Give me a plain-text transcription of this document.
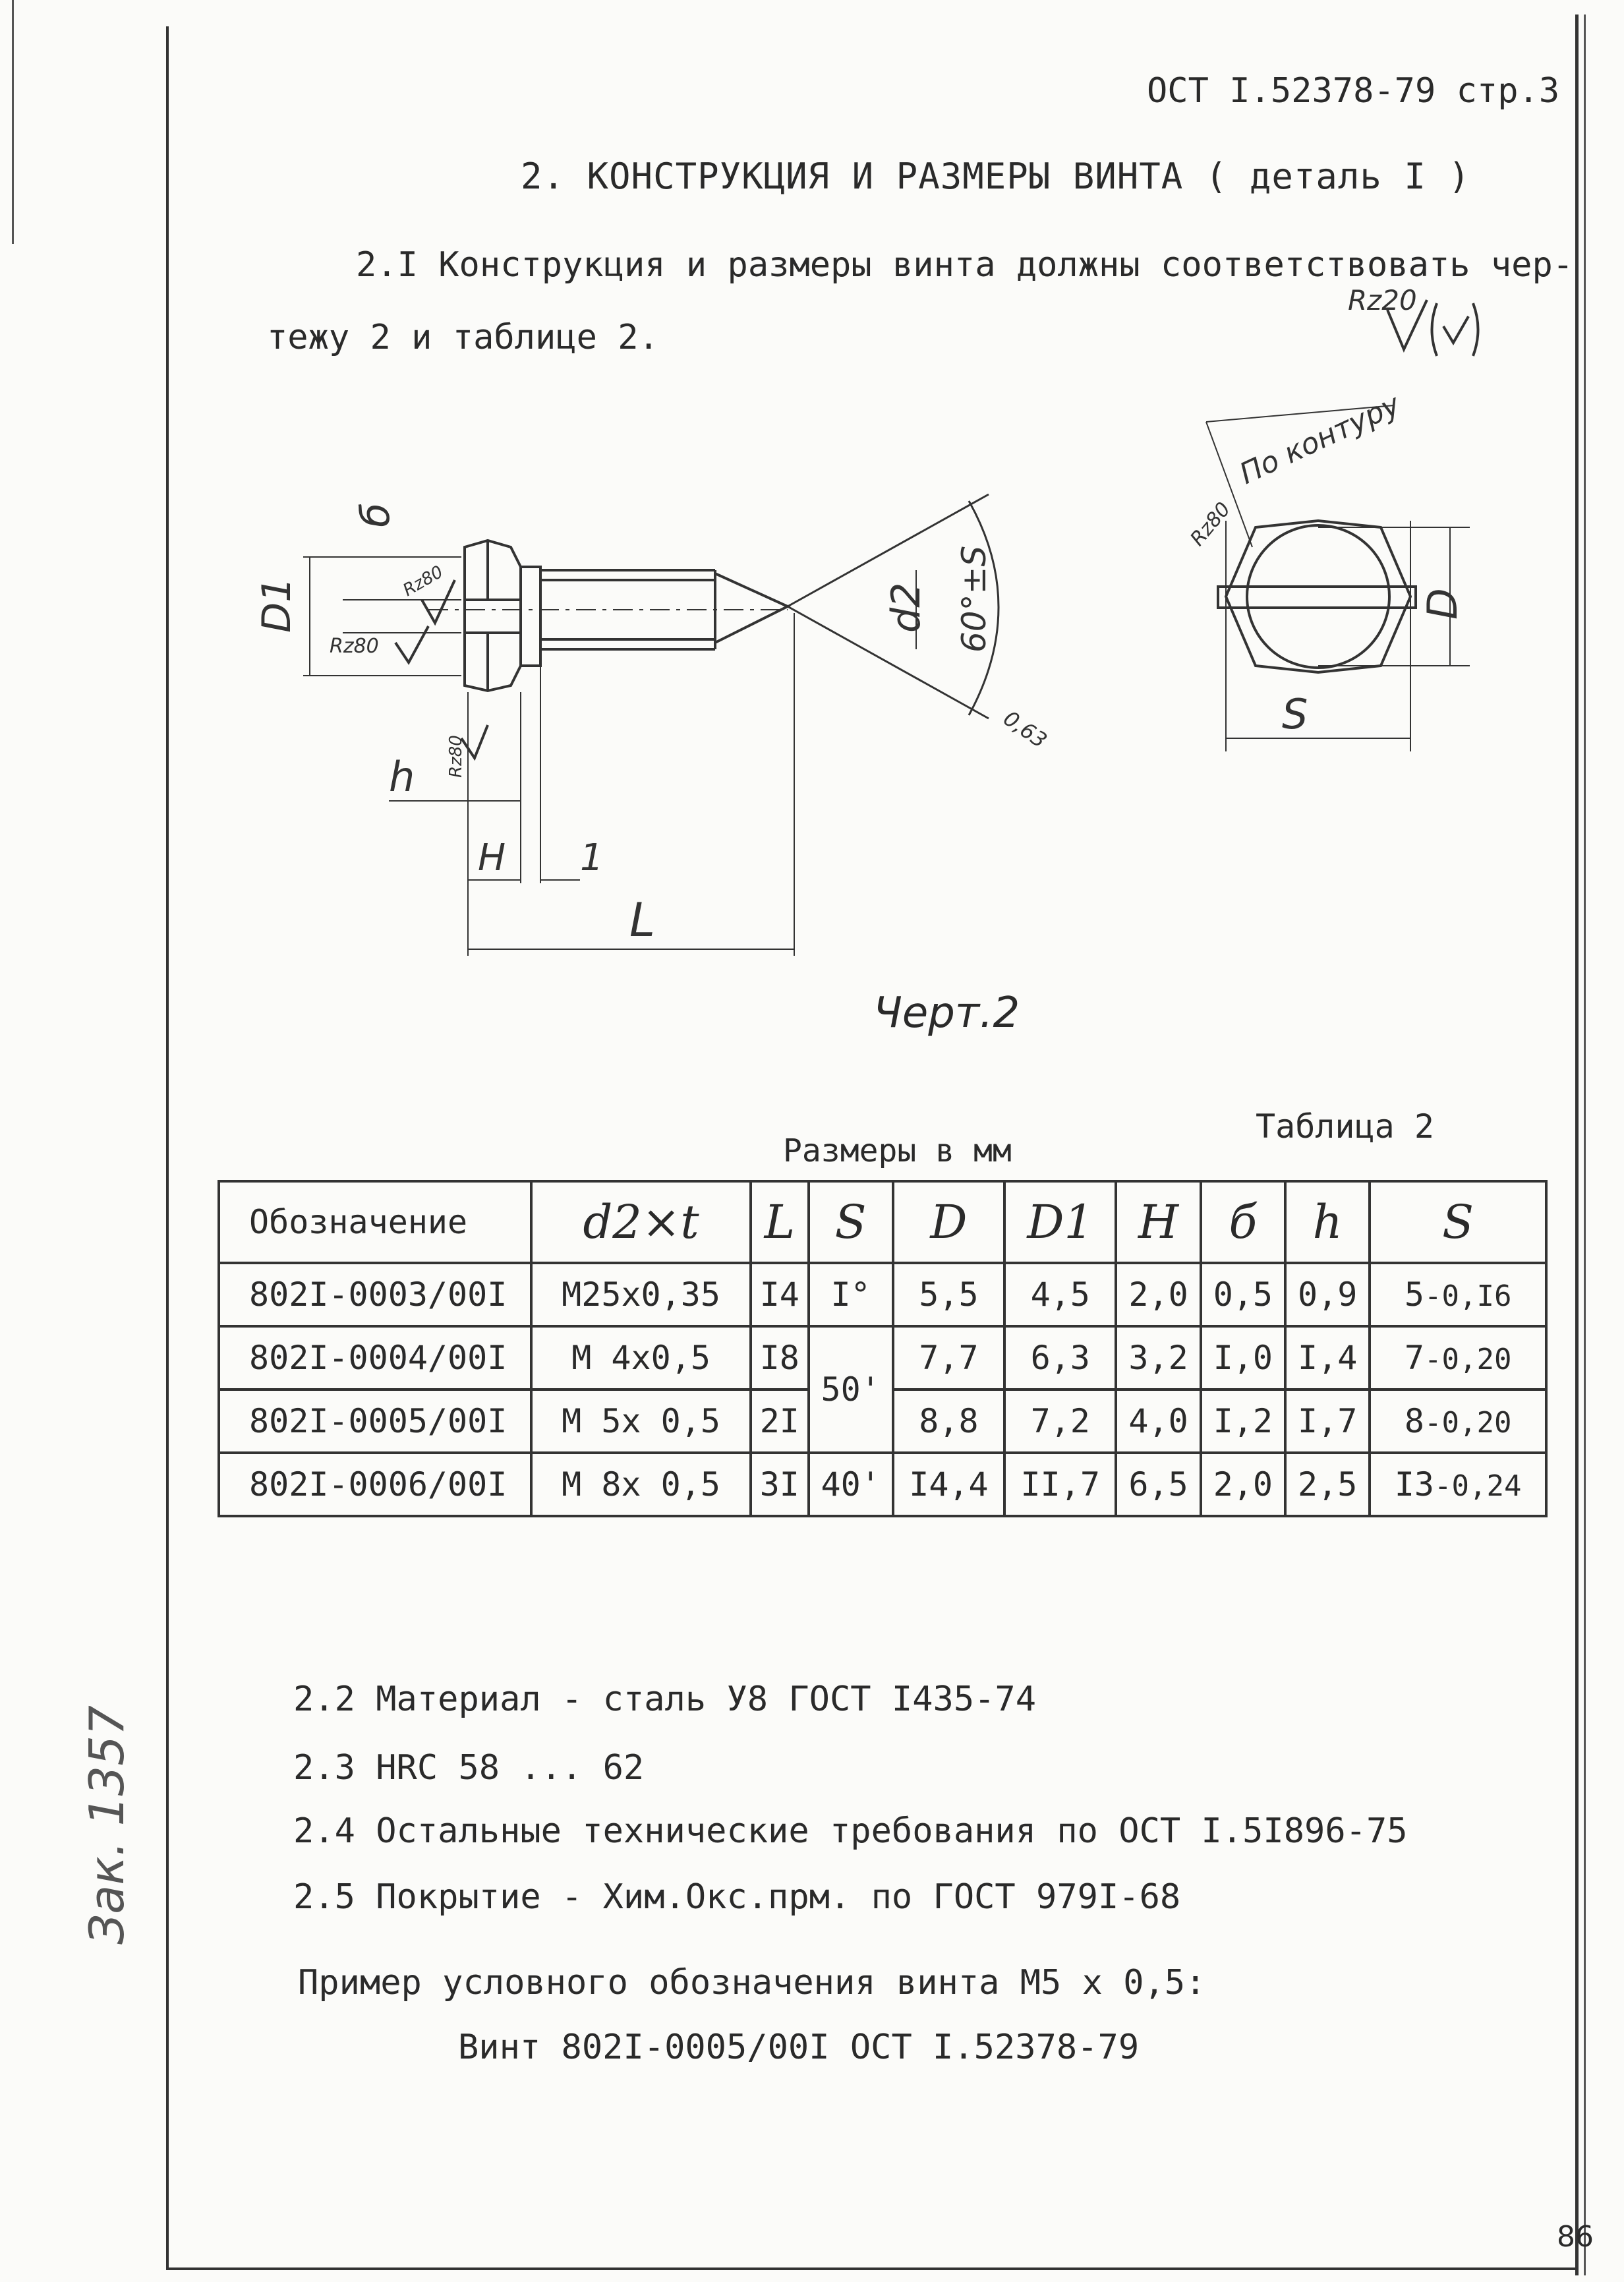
ОСТ I.52378-79 стр.3
2. КОНСТРУКЦИЯ И РАЗМЕРЫ ВИНТА ( деталь I )
2.I Конструкция и размеры винта должны соответствовать чер-
тежу 2 и таблице 2.
Rz20
D1
б
d2 60°±S
0,63
h
H 1
L
D
S
Rz80
Rz80
Rz80
Rz80
По контуру
Черт.2
Размеры в мм
Таблица 2
Обозначение	d2×t	L	S	D	D1	H	б	h	S
802I-0003/00I	M25x0,35	I4	I°	5,5	4,5	2,0	0,5	0,9	5-0,I6
802I-0004/00I	M 4x0,5	I8	50'	7,7	6,3	3,2	I,0	I,4	7-0,20
802I-0005/00I	M 5x 0,5	2I		8,8	7,2	4,0	I,2	I,7	8-0,20
802I-0006/00I	M 8x 0,5	3I	40'	I4,4	II,7	6,5	2,0	2,5	I3-0,24
2.2 Материал - сталь У8 ГОСТ I435-74
2.3 HRC 58 ... 62
2.4 Остальные технические требования по ОСТ I.5I896-75
2.5 Покрытие - Хим.Окс.прм. по ГОСТ 979I-68
Пример условного обозначения винта М5 х 0,5:
Винт 802I-0005/00I ОСТ I.52378-79
Зак. 1357
86
